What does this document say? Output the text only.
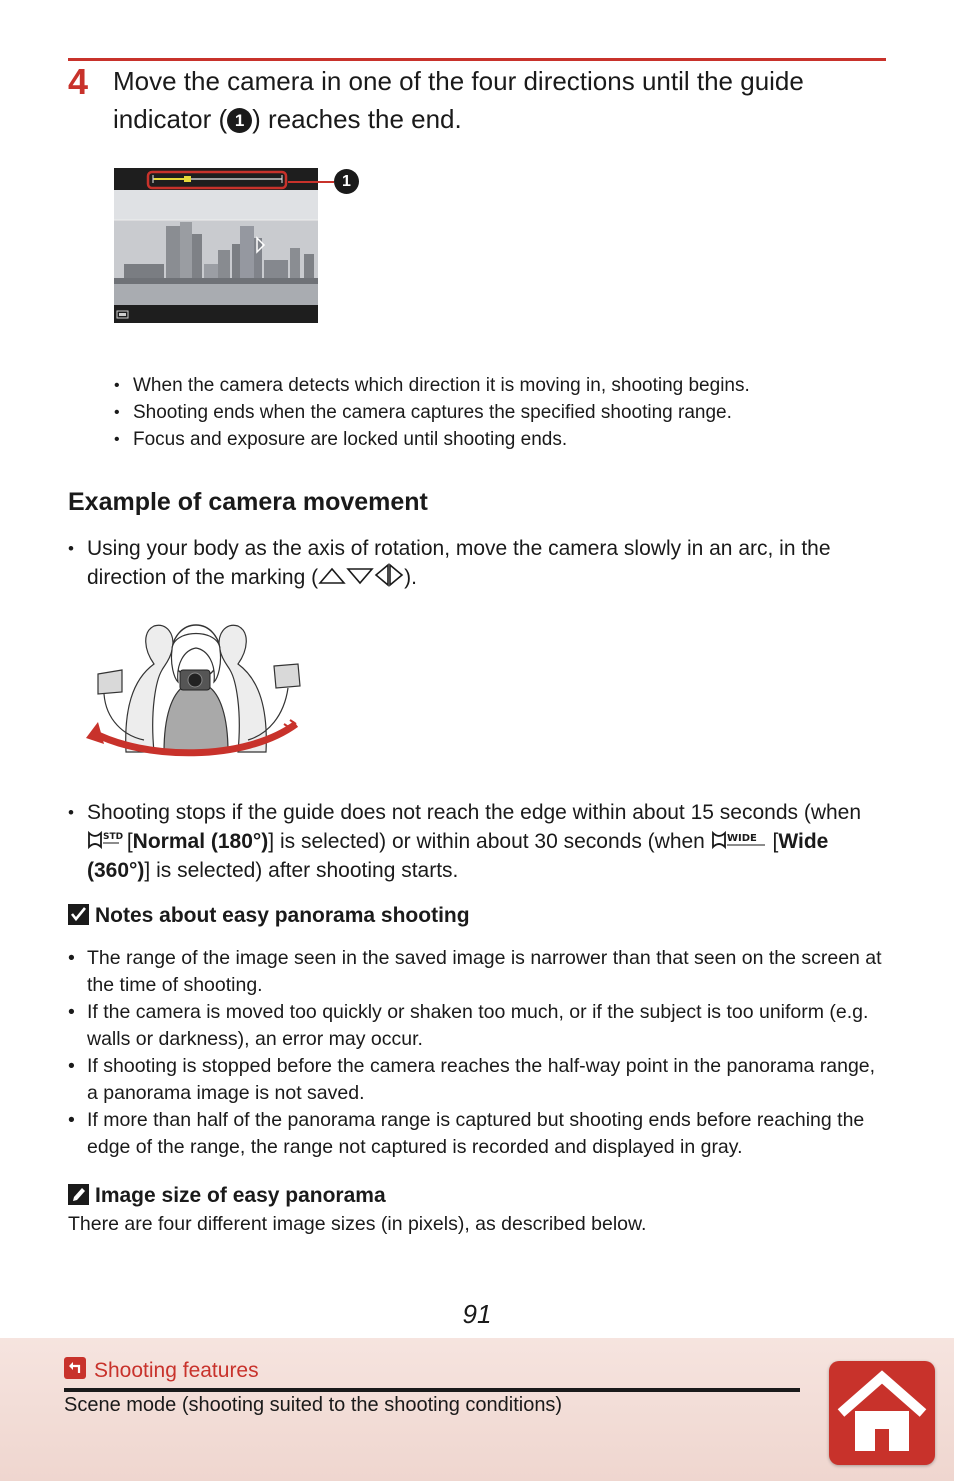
4 Move the camera in one of the four directions until the guide indicator ( 1 ) reaches the end.
1
• When the camera detects which direction it is moving in, shooting begins.
• Shooting ends when the camera captures the specified shooting range.
• Focus and exposure are locked until shooting ends.
Example of camera movement
• Using your body as the axis of rotation, move the camera slowly in an arc, in the direction of the marking (	).
• Shooting stops if the guide does not reach the edge within about 15 seconds (when
STD
[Normal (180°)] is selected) or within about 30 seconds (when WIDE [Wide (360°)] is selected) after shooting starts.
Notes about easy panorama shooting
• The range of the image seen in the saved image is narrower than that seen on the screen at the time of shooting.
• If the camera is moved too quickly or shaken too much, or if the subject is too uniform (e.g. walls or darkness), an error may occur.
• If shooting is stopped before the camera reaches the half-way point in the panorama range, a panorama image is not saved.
• If more than half of the panorama range is captured but shooting ends before reaching the edge of the range, the range not captured is recorded and displayed in gray.
Image size of easy panorama
There are four different image sizes (in pixels), as described below.
91
Shooting features
Scene mode (shooting suited to the shooting conditions)
